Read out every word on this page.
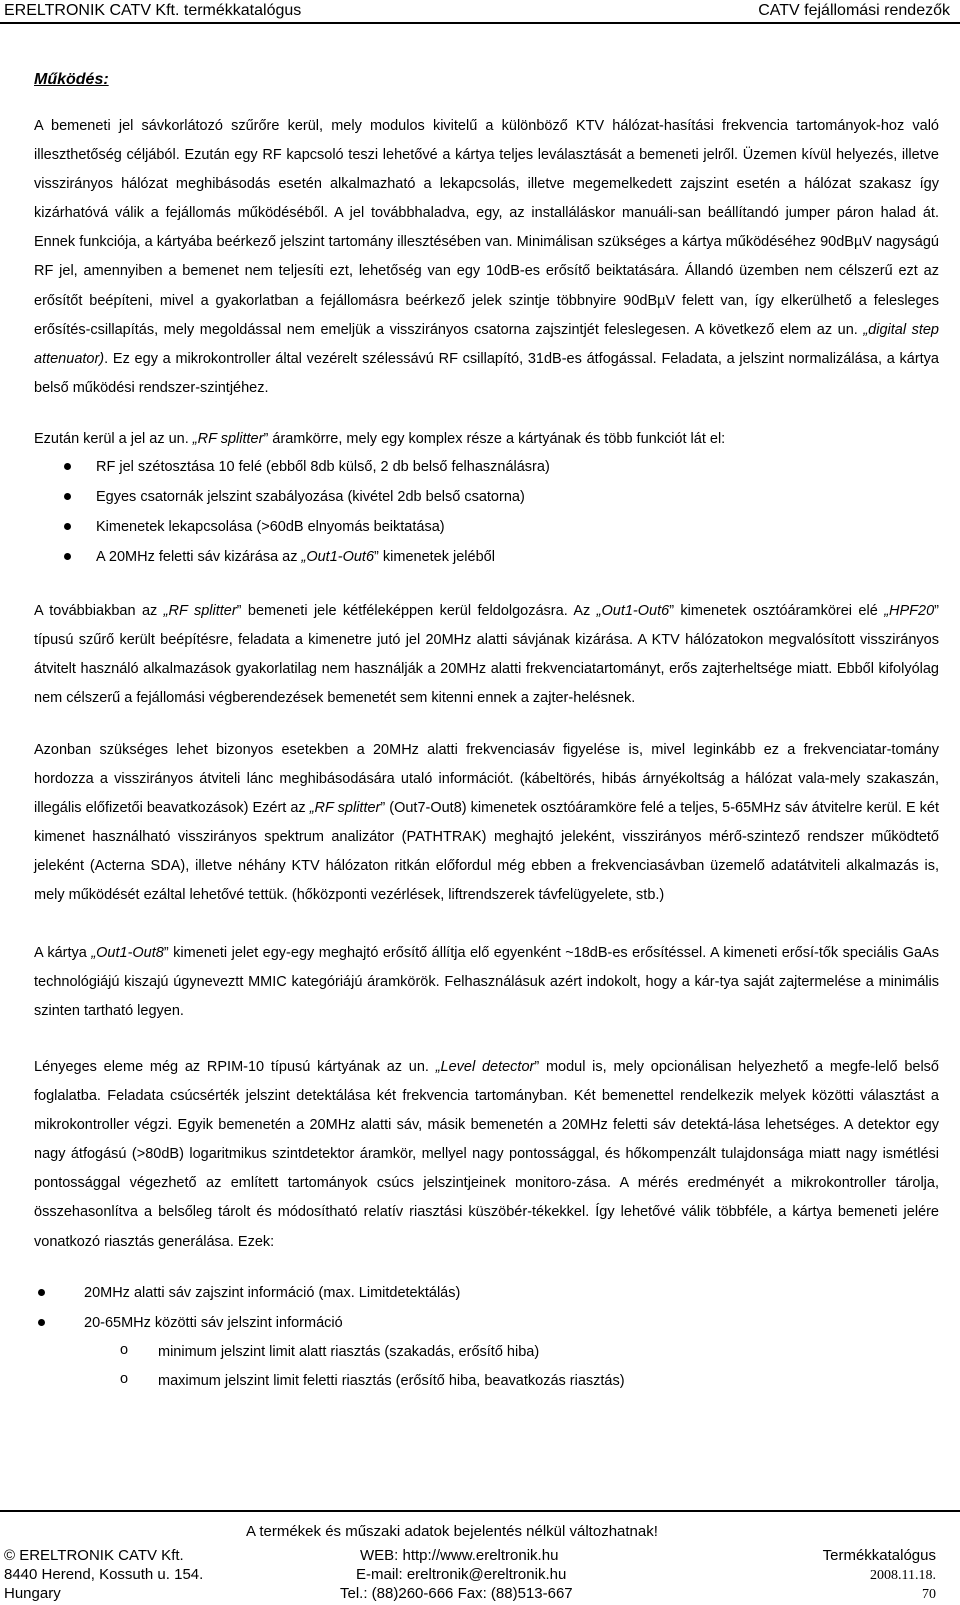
ERELTRONIK CATV Kft. termékkatalógus	CATV fejállomási rendezők
Működés:

A bemeneti jel sávkorlátozó szűrőre kerül, mely modulos kivitelű a különböző KTV hálózat-hasítási frekvencia tartományok-hoz való illeszthetőség céljából. Ezután egy RF kapcsoló teszi lehetővé a kártya teljes leválasztását a bemeneti jelről. Üzemen kívül helyezés, illetve visszirányos hálózat meghibásodás esetén alkalmazható a lekapcsolás, illetve megemelkedett zajszint esetén a hálózat szakasz így kizárhatóvá válik a fejállomás működéséből. A jel továbbhaladva, egy, az installáláskor manuáli-san beállítandó jumper páron halad át. Ennek funkciója, a kártyába beérkező jelszint tartomány illesztésében van. Minimálisan szükséges a kártya működéséhez 90dBµV nagyságú RF jel, amennyiben a bemenet nem teljesíti ezt, lehetőség van egy 10dB-es erősítő beiktatására. Állandó üzemben nem célszerű ezt az erősítőt beépíteni, mivel a gyakorlatban a fejállomásra beérkező jelek szintje többnyire 90dBµV felett van, így elkerülhető a felesleges erősítés-csillapítás, mely megoldással nem emeljük a visszirányos csatorna zajszintjét feleslegesen. A következő elem az un. „digital step attenuator). Ez egy a mikrokontroller által vezérelt szélessávú RF csillapító, 31dB-es átfogással. Feladata, a jelszint normalizálása, a kártya belső működési rendszer-szintjéhez.

Ezután kerül a jel az un. „RF splitter” áramkörre, mely egy komplex része a kártyának és több funkciót lát el:

RF jel szétosztása 10 felé (ebből 8db külső, 2 db belső felhasználásra)
Egyes csatornák jelszint szabályozása (kivétel 2db belső csatorna)
Kimenetek lekapcsolása (>60dB elnyomás beiktatása)
A 20MHz feletti sáv kizárása az „Out1-Out6” kimenetek jeléből

A továbbiakban az „RF splitter” bemeneti jele kétféleképpen kerül feldolgozásra. Az „Out1-Out6” kimenetek osztóáramkörei elé „HPF20” típusú szűrő került beépítésre, feladata a kimenetre jutó jel 20MHz alatti sávjának kizárása. A KTV hálózatokon megvalósított visszirányos átvitelt használó alkalmazások gyakorlatilag nem használják a 20MHz alatti frekvenciatartományt, erős zajterheltsége miatt. Ebből kifolyólag nem célszerű a fejállomási végberendezések bemenetét sem kitenni ennek a zajter-helésnek.

Azonban szükséges lehet bizonyos esetekben a 20MHz alatti frekvenciasáv figyelése is, mivel leginkább ez a frekvenciatar-tomány hordozza a visszirányos átviteli lánc meghibásodására utaló információt. (kábeltörés, hibás árnyékoltság a hálózat vala-mely szakaszán, illegális előfizetői beavatkozások) Ezért az „RF splitter” (Out7-Out8) kimenetek osztóáramköre felé a teljes, 5-65MHz sáv átvitelre kerül. E két kimenet használható visszirányos spektrum analizátor (PATHTRAK) meghajtó jeleként, visszirányos mérő-szintező rendszer működtető jeleként (Acterna SDA), illetve néhány KTV hálózaton ritkán előfordul még ebben a frekvenciasávban üzemelő adatátviteli alkalmazás is, mely működését ezáltal lehetővé tettük. (hőközponti vezérlések, liftrendszerek távfelügyelete, stb.)

A kártya „Out1-Out8” kimeneti jelet egy-egy meghajtó erősítő állítja elő egyenként ~18dB-es erősítéssel. A kimeneti erősí-tők speciális GaAs technológiájú kiszajú úgyneveztt MMIC kategóriájú áramkörök. Felhasználásuk azért indokolt, hogy a kár-tya saját zajtermelése a minimális szinten tartható legyen.

Lényeges eleme még az RPIM-10 típusú kártyának az un. „Level detector” modul is, mely opcionálisan helyezhető a megfe-lelő belső foglalatba. Feladata csúcsérték jelszint detektálása két frekvencia tartományban. Két bemenettel rendelkezik melyek közötti választást a mikrokontroller végzi. Egyik bemenetén a 20MHz alatti sáv, másik bemenetén a 20MHz feletti sáv detektá-lása lehetséges. A detektor egy nagy átfogású (>80dB) logaritmikus szintdetektor áramkör, mellyel nagy pontossággal, és hőkompenzált tulajdonsága miatt nagy ismétlési pontossággal végezhető az említett tartományok csúcs jelszintjeinek monitoro-zása. A mérés eredményét a mikrokontroller tárolja, összehasonlítva a belsőleg tárolt és módosítható relatív riasztási küszöbér-tékekkel. Így lehetővé válik többféle, a kártya bemeneti jelére vonatkozó riasztás generálása. Ezek:

20MHz alatti sáv zajszint információ (max. Limitdetektálás)
20-65MHz közötti sáv jelszint információ
o minimum jelszint limit alatt riasztás (szakadás, erősítő hiba)
o maximum jelszint limit feletti riasztás (erősítő hiba, beavatkozás riasztás)
A termékek és műszaki adatok bejelentés nélkül változhatnak!
© ERELTRONIK CATV Kft.
8440 Herend, Kossuth u. 154.
Hungary
WEB: http://www.ereltronik.hu
E-mail: ereltronik@ereltronik.hu
Tel.: (88)260-666 Fax: (88)513-667
Termékkatalógus
2008.11.18.
70
